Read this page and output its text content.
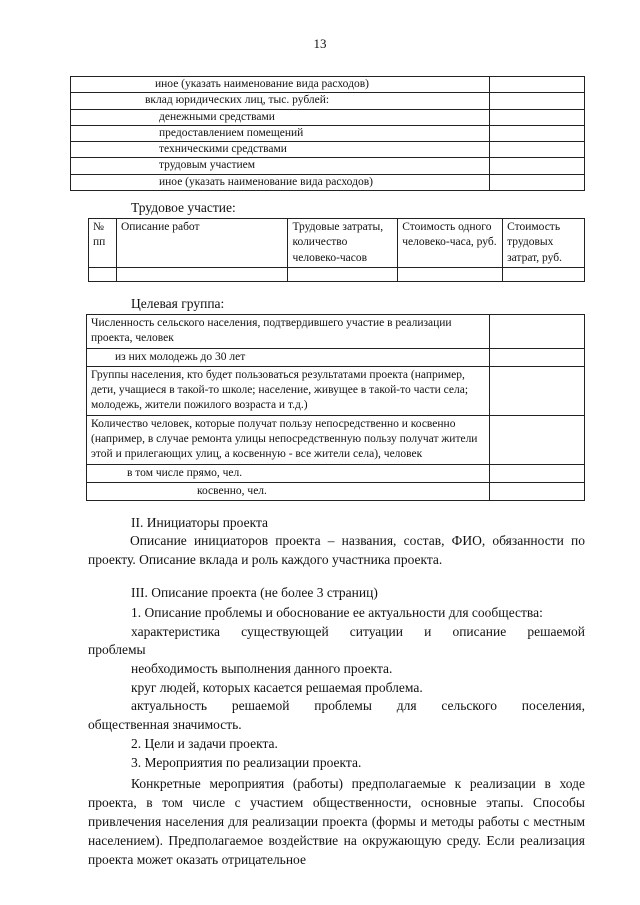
13
иное (указать наименование вида расходов)	
вклад юридических лиц, тыс. рублей:	
денежными средствами	
предоставлением помещений	
техническими средствами	
трудовым участием	
иное (указать наименование вида расходов)	
Трудовое участие:
№ пп	Описание работ	Трудовые затраты, количество человеко-часов	Стоимость одного человеко-часа, руб.	Стоимость трудовых затрат, руб.

Целевая группа:
Численность сельского населения, подтвердившего участие в реализации проекта, человек	
из них молодежь до 30 лет	
Группы населения, кто будет пользоваться результатами проекта (например, дети, учащиеся в такой-то школе; население, живущее в такой-то части села; молодежь, жители пожилого возраста и т.д.)	
Количество человек, которые получат пользу непосредственно и косвенно (например, в случае ремонта улицы непосредственную пользу получат жители этой и прилегающих улиц, а косвенную - все жители села), человек	
в том числе прямо, чел.	
косвенно, чел.	
II. Инициаторы проекта
Описание инициаторов проекта – названия, состав, ФИО, обязанности по проекту. Описание вклада и роль каждого участника проекта.
III. Описание проекта (не более 3 страниц)
1. Описание проблемы и обоснование ее актуальности для сообщества:
характеристика существующей ситуации и описание решаемой
проблемы
необходимость выполнения данного проекта.
круг людей, которых касается решаемая проблема.
актуальность решаемой проблемы для сельского поселения,
общественная значимость.
2. Цели и задачи проекта.
3. Мероприятия по реализации проекта.
Конкретные мероприятия (работы) предполагаемые к реализации в ходе проекта, в том числе с участием общественности, основные этапы. Способы привлечения населения для реализации проекта (формы и методы работы с местным населением). Предполагаемое воздействие на окружающую среду. Если реализация проекта может оказать отрицательное
